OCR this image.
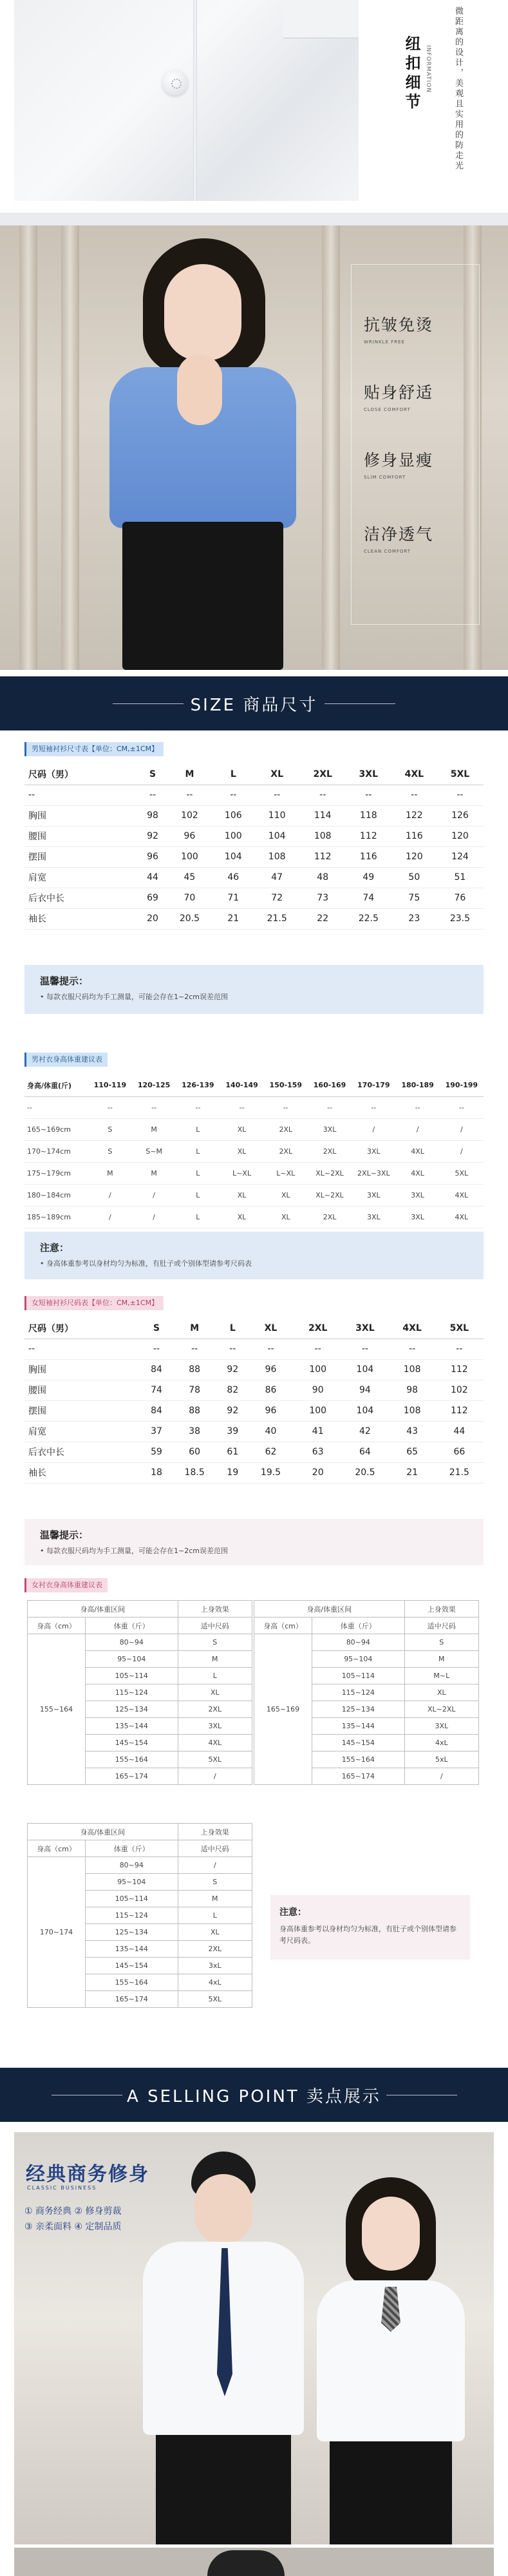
纽扣细节 INFORMATION	微距离的设计，美观且实用的防走光
抗皱免烫
WRINKLE FREE
贴身舒适
CLOSE COMFORT
修身显瘦
SLIM COMFORT
洁净透气
CLEAN COMFORT
SIZE 商品尺寸
男短袖衬衫尺寸表【单位：CM,±1CM】
尺码（男）	S	M	L	XL	2XL	3XL	4XL	5XL
--	--	--	--	--	--	--	--	--
胸围	98	102	106	110	114	118	122	126
腰围	92	96	100	104	108	112	116	120
摆围	96	100	104	108	112	116	120	124
肩宽	44	45	46	47	48	49	50	51
后衣中长	69	70	71	72	73	74	75	76
袖长	20	20.5	21	21.5	22	22.5	23	23.5
温馨提示：
• 每款衣服尺码均为手工测量，可能会存在1~2cm误差范围
男衬衣身高体重建议表
身高/体重(斤)	110-119	120-125	126-139	140-149	150-159	160-169	170-179	180-189	190-199
--	--	--	--	--	--	--	--	--	--
165~169cm	S	M	L	XL	2XL	3XL	/	/	/
170~174cm	S	S~M	L	XL	2XL	2XL	3XL	4XL	/
175~179cm	M	M	L	L~XL	L~XL	XL~2XL	2XL~3XL	4XL	5XL
180~184cm	/	/	L	XL	XL	XL~2XL	3XL	3XL	4XL
185~189cm	/	/	L	XL	XL	2XL	3XL	3XL	4XL
注意：
• 身高体重参考以身材均匀为标准，有肚子或个别体型请参考尺码表
女短袖衬衫尺码表【单位：CM,±1CM】
尺码（男）	S	M	L	XL	2XL	3XL	4XL	5XL
--	--	--	--	--	--	--	--	--
胸围	84	88	92	96	100	104	108	112
腰围	74	78	82	86	90	94	98	102
摆围	84	88	92	96	100	104	108	112
肩宽	37	38	39	40	41	42	43	44
后衣中长	59	60	61	62	63	64	65	66
袖长	18	18.5	19	19.5	20	20.5	21	21.5
温馨提示：
• 每款衣服尺码均为手工测量，可能会存在1~2cm误差范围
女衬衣身高体重建议表
身高/体重区间		上身效果
身高（cm）	体重（斤）	适中尺码
155~164	80~94	S
	95~104	M
	105~114	L
	115~124	XL
	125~134	2XL
	135~144	3XL
	145~154	4XL
	155~164	5XL
	165~174	/
身高/体重区间		上身效果
身高（cm）	体重（斤）	适中尺码
165~169	80~94	S
	95~104	M
	105~114	M~L
	115~124	XL
	125~134	XL~2XL
	135~144	3XL
	145~154	4xL
	155~164	5xL
	165~174	/
身高/体重区间		上身效果
身高（cm）	体重（斤）	适中尺码
170~174	80~94	/
	95~104	S
	105~114	M
	115~124	L
	125~134	XL
	135~144	2XL
	145~154	3xL
	155~164	4xL
	165~174	5XL
注意：
身高体重参考以身材均匀为标准，有肚子或个别体型请参考尺码表。
A SELLING POINT 卖点展示
经典商务修身
CLASSIC BUSINESS
① 商务经典 ② 修身剪裁
③ 亲柔面料 ④ 定制品质
